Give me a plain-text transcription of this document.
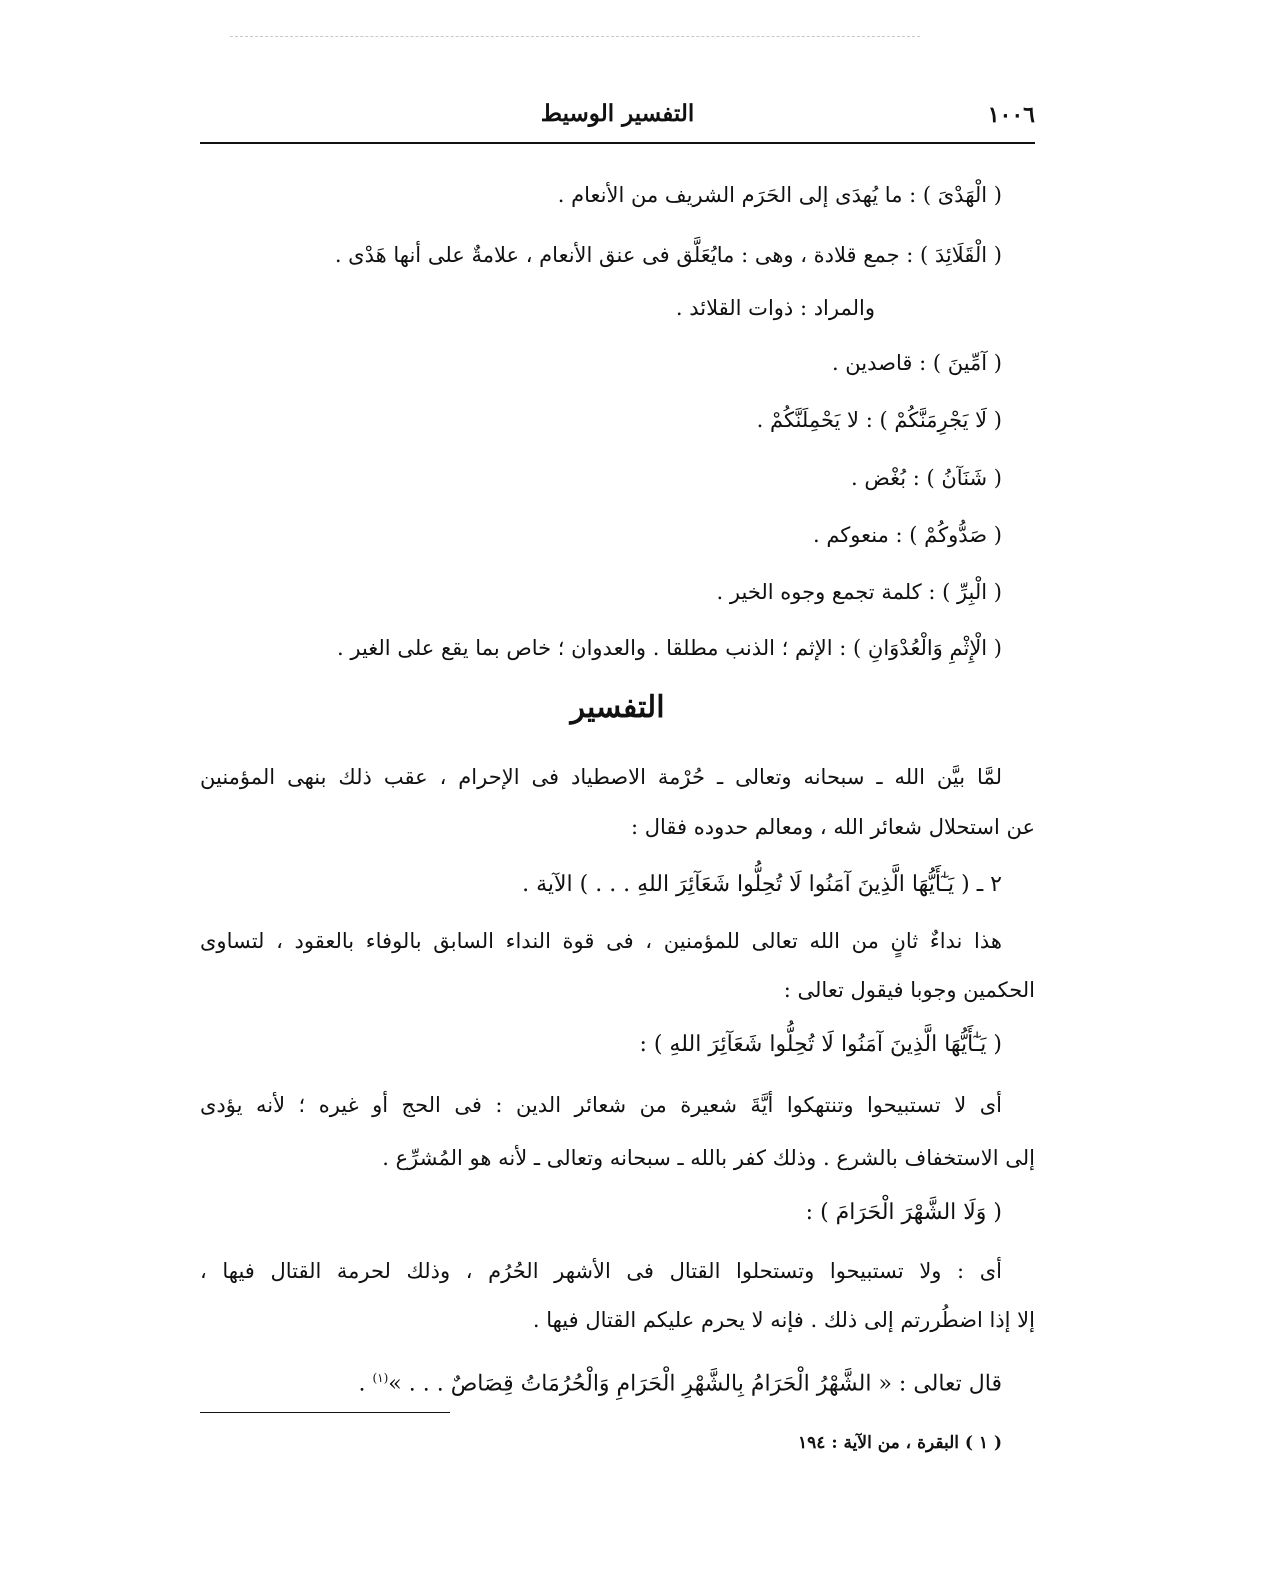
١٠٠٦
التفسير الوسيط
( الْهَدْىَ ) : ما يُهدَى إلى الحَرَم الشريف من الأنعام .
( الْقَلَائِدَ ) : جمع قلادة ، وهى : مايُعَلَّق فى عنق الأنعام ، علامةٌ على أنها هَدْى .
والمراد : ذوات القلائد .
( آمِّينَ ) : قاصدين .
( لَا يَجْرِمَنَّكُمْ ) : لا يَحْمِلَنَّكُمْ .
( شَنَآنُ ) : بُغْض .
( صَدُّوكُمْ ) : منعوكم .
( الْبِرِّ ) : كلمة تجمع وجوه الخير .
( الْإِثْمِ وَالْعُدْوَانِ ) : الإثم ؛ الذنب مطلقا . والعدوان ؛ خاص بما يقع على الغير .
التفسير
لمَّا بيَّن الله ـ سبحانه وتعالى ـ حُرْمة الاصطياد فى الإحرام ، عقب ذلك بنهى المؤمنين
عن استحلال شعائر الله ، ومعالم حدوده فقال :
٢ ـ ( يَـٰٓأَيُّهَا الَّذِينَ آمَنُوا لَا تُحِلُّوا شَعَآئِرَ اللهِ . . . ) الآية .
هذا نداءٌ ثانٍ من الله تعالى للمؤمنين ، فى قوة النداء السابق بالوفاء بالعقود ، لتساوى
الحكمين وجوبا فيقول تعالى :
( يَـٰٓأَيُّهَا الَّذِينَ آمَنُوا لَا تُحِلُّوا شَعَآئِرَ اللهِ ) :
أى لا تستبيحوا وتنتهكوا أيَّةَ شعيرة من شعائر الدين : فى الحج أو غيره ؛ لأنه يؤدى
إلى الاستخفاف بالشرع . وذلك كفر بالله ـ سبحانه وتعالى ـ لأنه هو المُشرِّع .
( وَلَا الشَّهْرَ الْحَرَامَ ) :
أى : ولا تستبيحوا وتستحلوا القتال فى الأشهر الحُرُم ، وذلك لحرمة القتال فيها ،
إلا إذا اضطُررتم إلى ذلك . فإنه لا يحرم عليكم القتال فيها .
قال تعالى : « الشَّهْرُ الْحَرَامُ بِالشَّهْرِ الْحَرَامِ وَالْحُرُمَاتُ قِصَاصٌ . . . »$^{(١)}$ .
( ١ ) البقرة ، من الآية : ١٩٤
